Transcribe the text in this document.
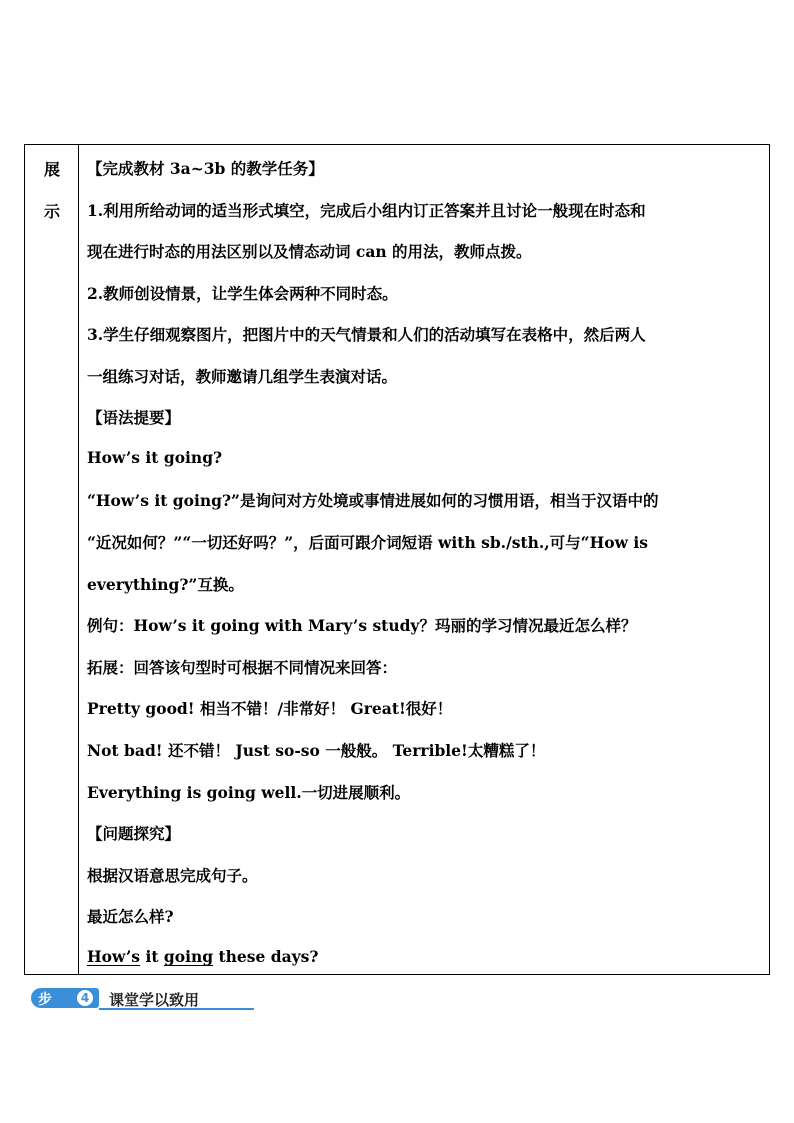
展
示
【完成教材 3a~3b 的教学任务】
1.利用所给动词的适当形式填空，完成后小组内订正答案并且讨论一般现在时态和
现在进行时态的用法区别以及情态动词 can 的用法，教师点拨。
2.教师创设情景，让学生体会两种不同时态。
3.学生仔细观察图片，把图片中的天气情景和人们的活动填写在表格中，然后两人
一组练习对话，教师邀请几组学生表演对话。
【语法提要】
How’s it going?
“How’s it going?”是询问对方处境或事情进展如何的习惯用语，相当于汉语中的
“近况如何？”“一切还好吗？”，后面可跟介词短语 with sb./sth.,可与“How is
everything?”互换。
例句：How’s it going with Mary’s study？玛丽的学习情况最近怎么样？
拓展：回答该句型时可根据不同情况来回答：
Pretty good! 相当不错！/非常好！ Great!很好！
Not bad! 还不错！ Just so-so 一般般。 Terrible!太糟糕了！
Everything is going well.一切进展顺利。
【问题探究】
根据汉语意思完成句子。
最近怎么样?
How’s it going these days?
步骤
4 课堂学以致用
